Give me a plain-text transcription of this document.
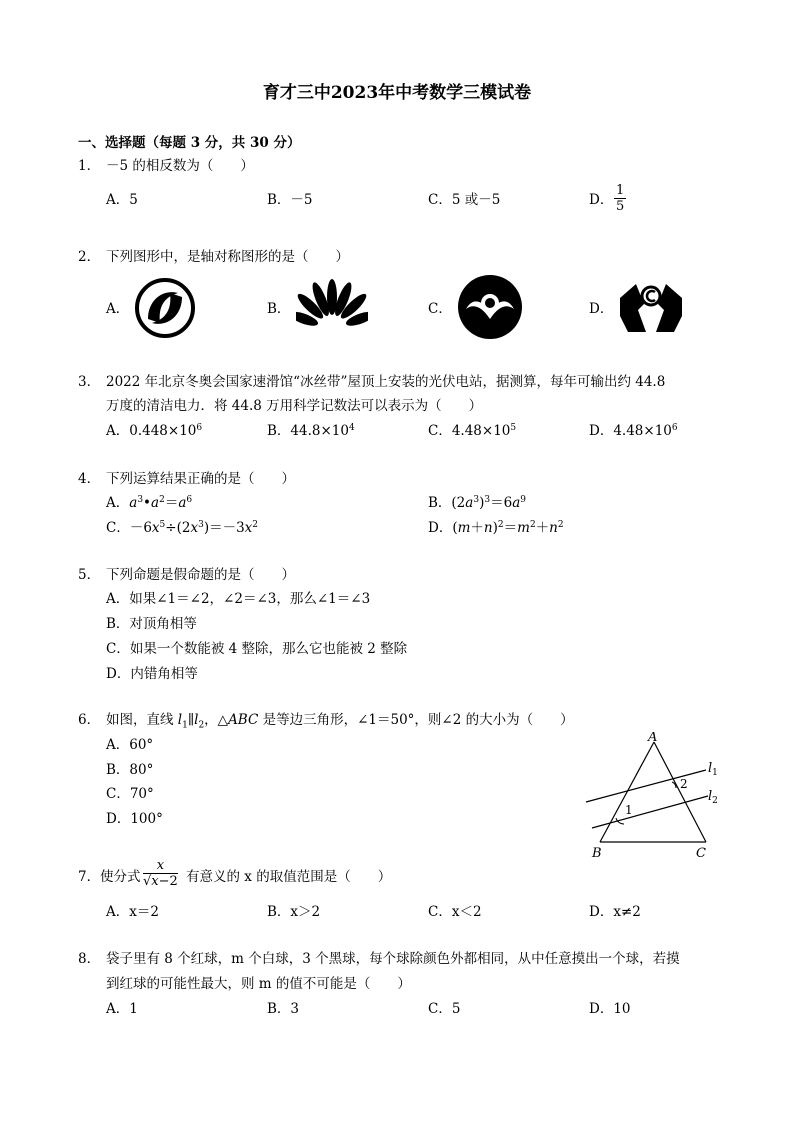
育才三中2023年中考数学三模试卷
一、选择题（每题 3 分，共 30 分）
1． －5 的相反数为（　　）
A．5	B．－5	C．5 或－5	D． $\frac{1}{5}$
2． 下列图形中，是轴对称图形的是（　　）
A．	B．	C．	D．
3． 2022 年北京冬奥会国家速滑馆“冰丝带”屋顶上安装的光伏电站，据测算，每年可输出约 44.8
万度的清洁电力．将 44.8 万用科学记数法可以表示为（　　）
A．$0.448\times 10^6$	B．$44.8\times 10^4$	C．$4.48\times 10^5$	D．$4.48\times 10^6$
4． 下列运算结果正确的是（　　）
A．$a^3•a^2=a^6$	B．$(2a^3)^3=6a^9$
C．$-6x^5\div(2x^3)=-3x^2$	D．$(m+n)^2=m^2+n^2$
5． 下列命题是假命题的是（　　）
A．如果∠1＝∠2，∠2＝∠3，那么∠1＝∠3
B．对顶角相等
C．如果一个数能被 4 整除，那么它也能被 2 整除
D．内错角相等
6． 如图，直线 $l_1\parallel l_2$，△ABC 是等边三角形，∠1＝50°，则∠2 的大小为（　　）
A．60°
B．80°
C．70°
D．100°
A
B	C
1
2
$l_1$
$l_2$
7． 使分式 $\frac{x}{√x-2}$ 有意义的 x 的取值范围是（　　）
A．x＝2	B．x＞2	C．x＜2	D．x≠2
8． 袋子里有 8 个红球，m 个白球，3 个黑球，每个球除颜色外都相同，从中任意摸出一个球，若摸
到红球的可能性最大，则 m 的值不可能是（　　）
A．1	B．3	C．5	D．10
